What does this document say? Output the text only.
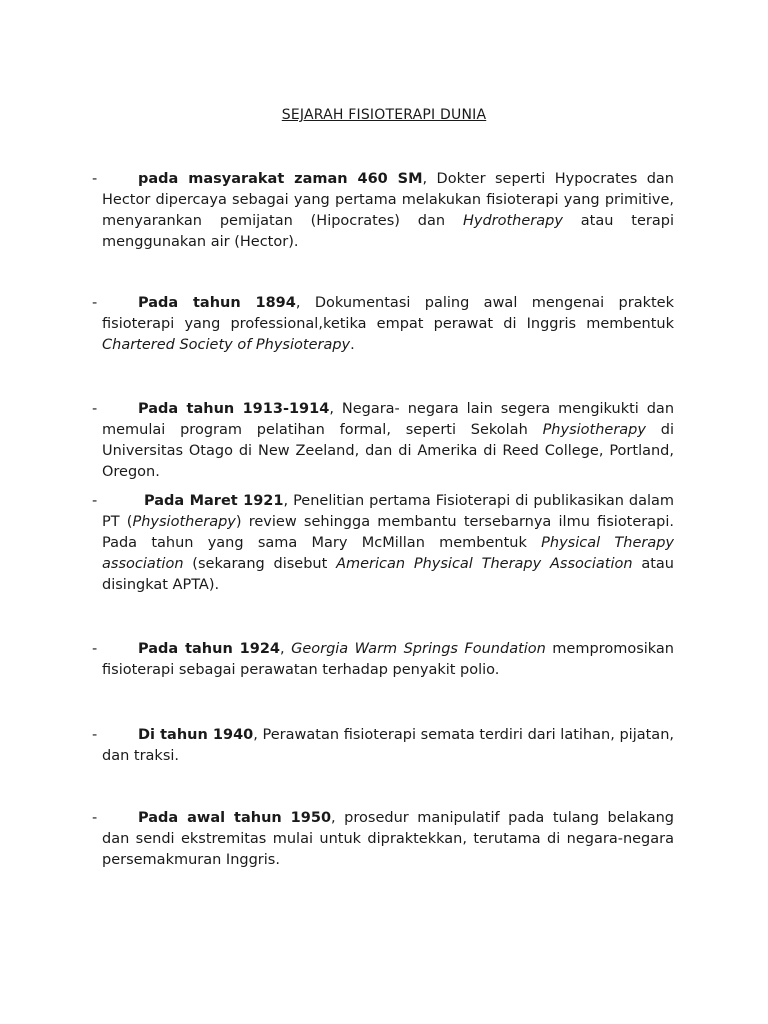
SEJARAH FISIOTERAPI DUNIA
-	pada masyarakat zaman 460 SM, Dokter seperti Hypocrates dan Hector dipercaya sebagai yang pertama melakukan fisioterapi yang primitive, menyarankan pemijatan (Hipocrates) dan Hydrotherapy atau terapi menggunakan air (Hector).
-	Pada tahun 1894, Dokumentasi paling awal mengenai praktek fisioterapi yang professional,ketika empat perawat di Inggris membentuk Chartered Society of Physioterapy.
-	Pada tahun 1913-1914, Negara- negara lain segera mengikukti dan memulai program pelatihan formal, seperti Sekolah Physiotherapy di Universitas Otago di New Zeeland, dan di Amerika di Reed College, Portland, Oregon.
-	Pada Maret 1921, Penelitian pertama Fisioterapi di publikasikan dalam PT (Physiotherapy) review sehingga membantu tersebarnya ilmu fisioterapi. Pada tahun yang sama Mary McMillan membentuk Physical Therapy association (sekarang disebut American Physical Therapy Association atau disingkat APTA).
-	Pada tahun 1924, Georgia Warm Springs Foundation mempromosikan fisioterapi sebagai perawatan terhadap penyakit polio.
-	Di tahun 1940, Perawatan fisioterapi semata terdiri dari latihan, pijatan, dan traksi.
-	Pada awal tahun 1950, prosedur manipulatif pada tulang belakang dan sendi ekstremitas mulai untuk dipraktekkan, terutama di negara-negara persemakmuran Inggris.
